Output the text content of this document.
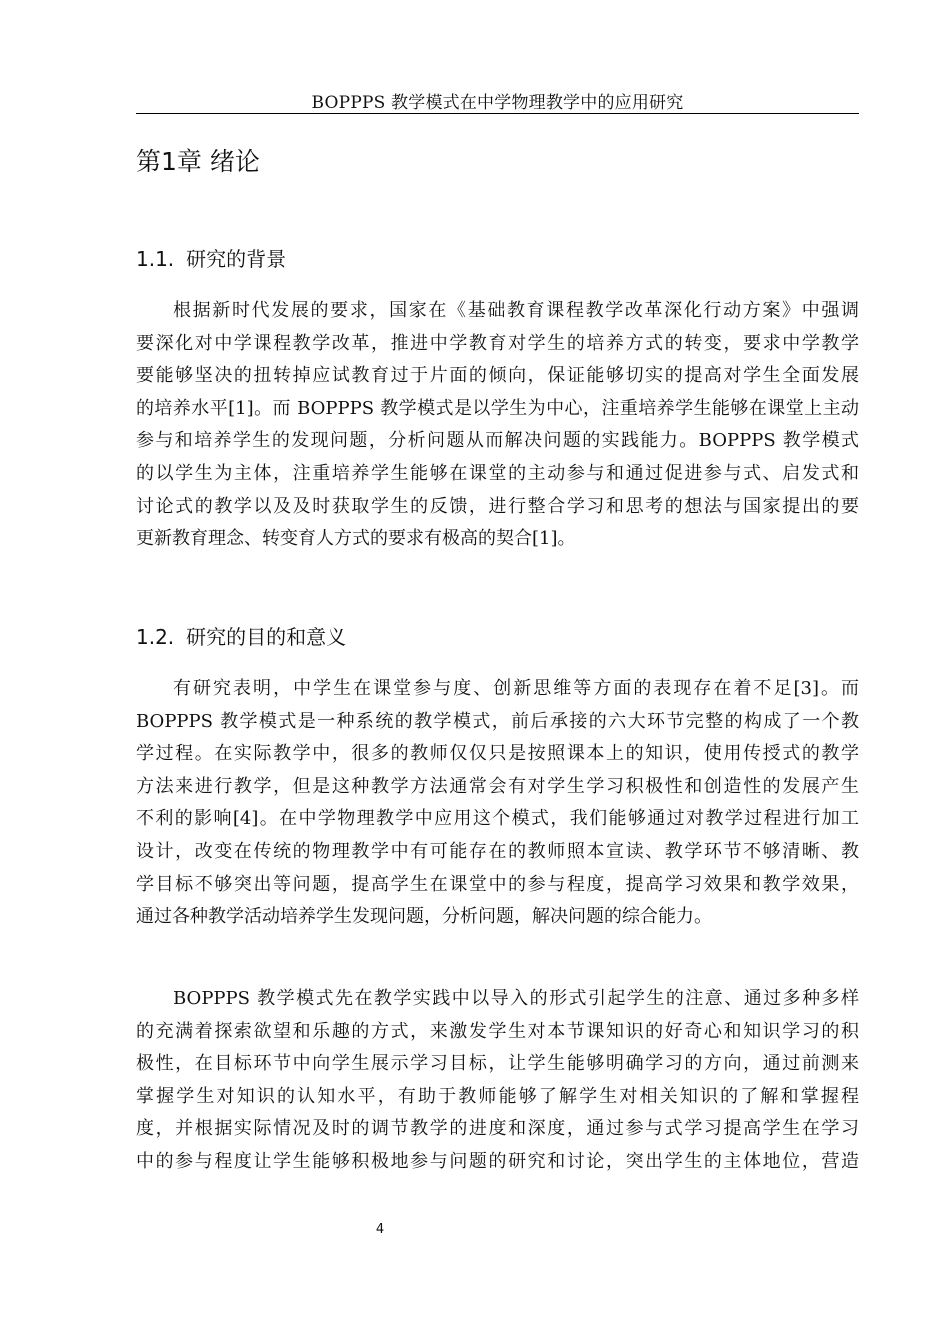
BOPPPS 教学模式在中学物理教学中的应用研究
第1章 绪论
1.1. 研究的背景
根据新时代发展的要求，国家在《基础教育课程教学改革深化行动方案》中强调
要深化对中学课程教学改革，推进中学教育对学生的培养方式的转变，要求中学教学
要能够坚决的扭转掉应试教育过于片面的倾向，保证能够切实的提高对学生全面发展
的培养水平[1]。而 BOPPPS 教学模式是以学生为中心，注重培养学生能够在课堂上主动
参与和培养学生的发现问题，分析问题从而解决问题的实践能力。BOPPPS 教学模式
的以学生为主体，注重培养学生能够在课堂的主动参与和通过促进参与式、启发式和
讨论式的教学以及及时获取学生的反馈，进行整合学习和思考的想法与国家提出的要
更新教育理念、转变育人方式的要求有极高的契合[1]。
1.2. 研究的目的和意义
有研究表明，中学生在课堂参与度、创新思维等方面的表现存在着不足[3]。而
BOPPPS 教学模式是一种系统的教学模式，前后承接的六大环节完整的构成了一个教
学过程。在实际教学中，很多的教师仅仅只是按照课本上的知识，使用传授式的教学
方法来进行教学，但是这种教学方法通常会有对学生学习积极性和创造性的发展产生
不利的影响[4]。在中学物理教学中应用这个模式，我们能够通过对教学过程进行加工
设计，改变在传统的物理教学中有可能存在的教师照本宣读、教学环节不够清晰、教
学目标不够突出等问题，提高学生在课堂中的参与程度，提高学习效果和教学效果，
通过各种教学活动培养学生发现问题，分析问题，解决问题的综合能力。
BOPPPS 教学模式先在教学实践中以导入的形式引起学生的注意、通过多种多样
的充满着探索欲望和乐趣的方式，来激发学生对本节课知识的好奇心和知识学习的积
极性，在目标环节中向学生展示学习目标，让学生能够明确学习的方向，通过前测来
掌握学生对知识的认知水平，有助于教师能够了解学生对相关知识的了解和掌握程
度，并根据实际情况及时的调节教学的进度和深度，通过参与式学习提高学生在学习
中的参与程度让学生能够积极地参与问题的研究和讨论，突出学生的主体地位，营造
4
